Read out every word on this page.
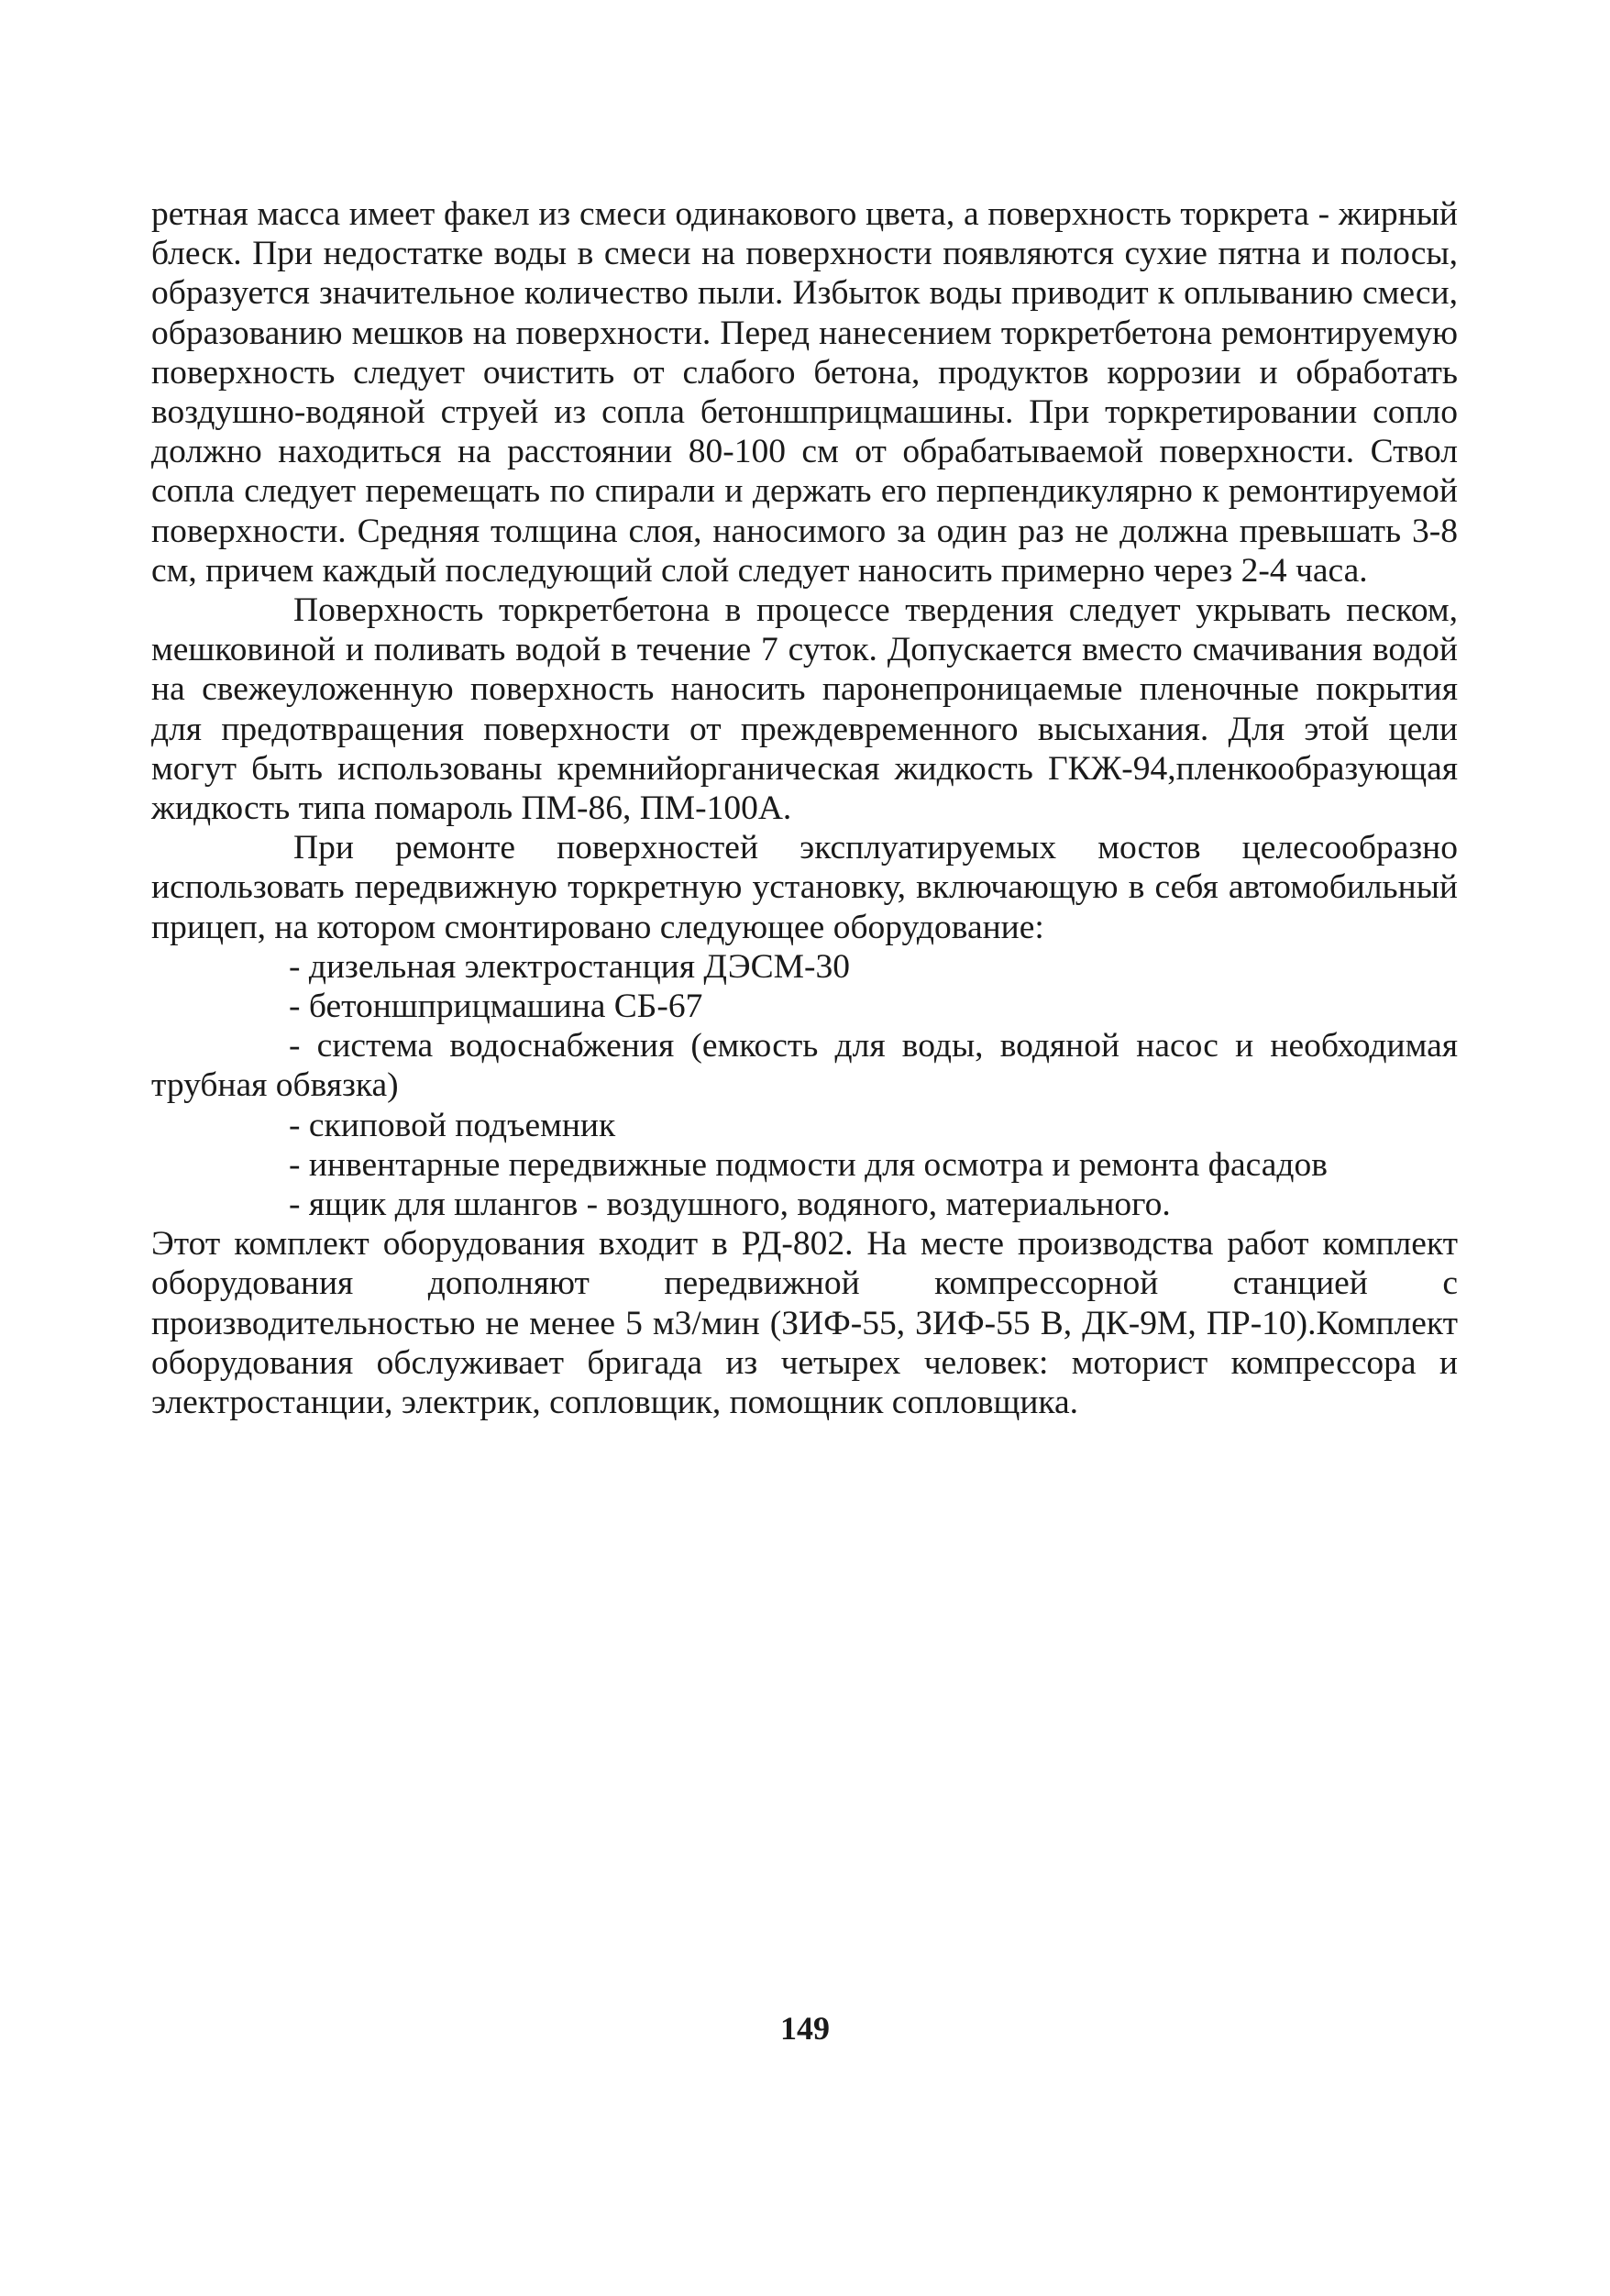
ретная масса имеет факел из смеси одинакового цвета, а поверхность торкрета - жирный блеск. При недостатке воды в смеси на поверхности появляются сухие пятна и полосы, образуется значительное количество пыли. Избыток воды приводит к оплыванию смеси, образованию мешков на поверхности. Перед нанесением торкретбетона ремонтируемую поверхность следует очистить от слабого бетона, продуктов коррозии и обработать воздушно-водяной струей из сопла бетоншприцмашины. При торкретировании сопло должно находиться на расстоянии 80-100 см от обрабатываемой поверхности. Ствол сопла следует перемещать по спирали и держать его перпендикулярно к ремонтируемой поверхности. Средняя толщина слоя, наносимого за один раз не должна превышать 3-8 см, причем каждый последующий слой следует наносить примерно через 2-4 часа.

Поверхность торкретбетона в процессе твердения следует укрывать песком, мешковиной и поливать водой в течение 7 суток. Допускается вместо смачивания водой на свежеуложенную поверхность наносить паронепроницаемые пленочные покрытия для предотвращения поверхности от преждевременного высыхания. Для этой цели могут быть использованы кремнийорганическая жидкость ГКЖ-94,пленкообразующая жидкость типа помароль ПМ-86, ПМ-100А.

При ремонте поверхностей эксплуатируемых мостов целесообразно использовать передвижную торкретную установку, включающую в себя автомобильный прицеп, на котором смонтировано следующее оборудование:

- дизельная электростанция ДЭСМ-30

- бетоншприцмашина СБ-67

- система водоснабжения (емкость для воды, водяной насос и необходимая трубная обвязка)

- скиповой подъемник

- инвентарные передвижные подмости для осмотра и ремонта фасадов

- ящик для шлангов - воздушного, водяного, материального.

Этот комплект оборудования входит в РД-802. На месте производства работ комплект оборудования дополняют передвижной компрессорной станцией с производительностью не менее 5 м3/мин (ЗИФ-55, ЗИФ-55 В, ДК-9М, ПР-10).Комплект оборудования обслуживает бригада из четырех человек: моторист компрессора и электростанции, электрик, сопловщик, помощник сопловщика.

149
